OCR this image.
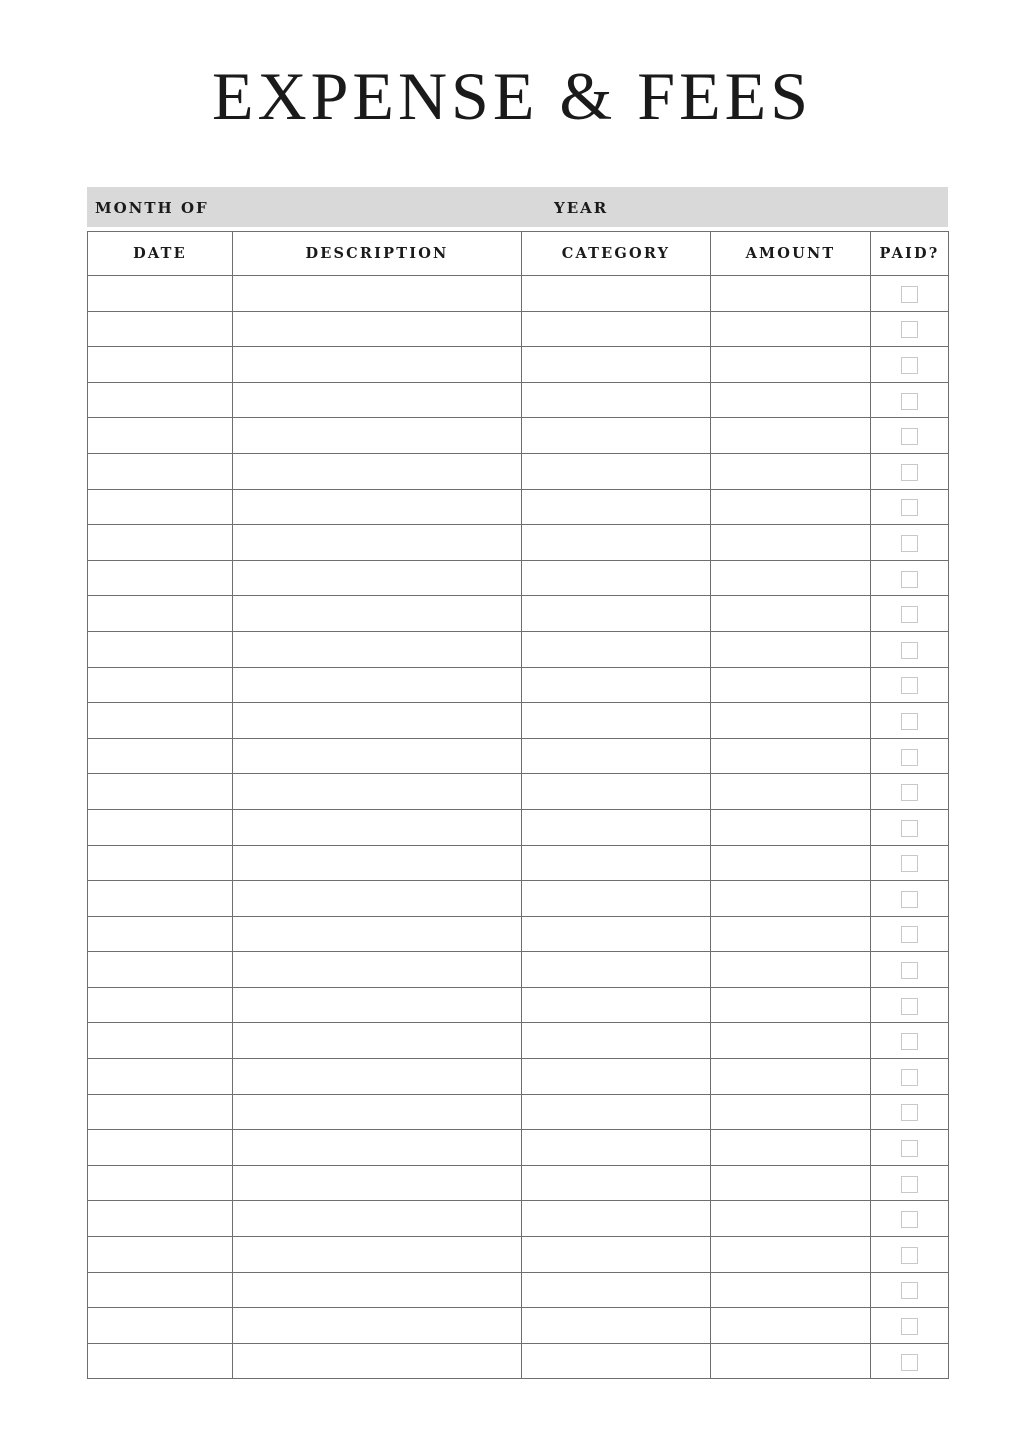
EXPENSE & FEES
MONTH OF	YEAR
DATE	DESCRIPTION	CATEGORY	AMOUNT	PAID?
